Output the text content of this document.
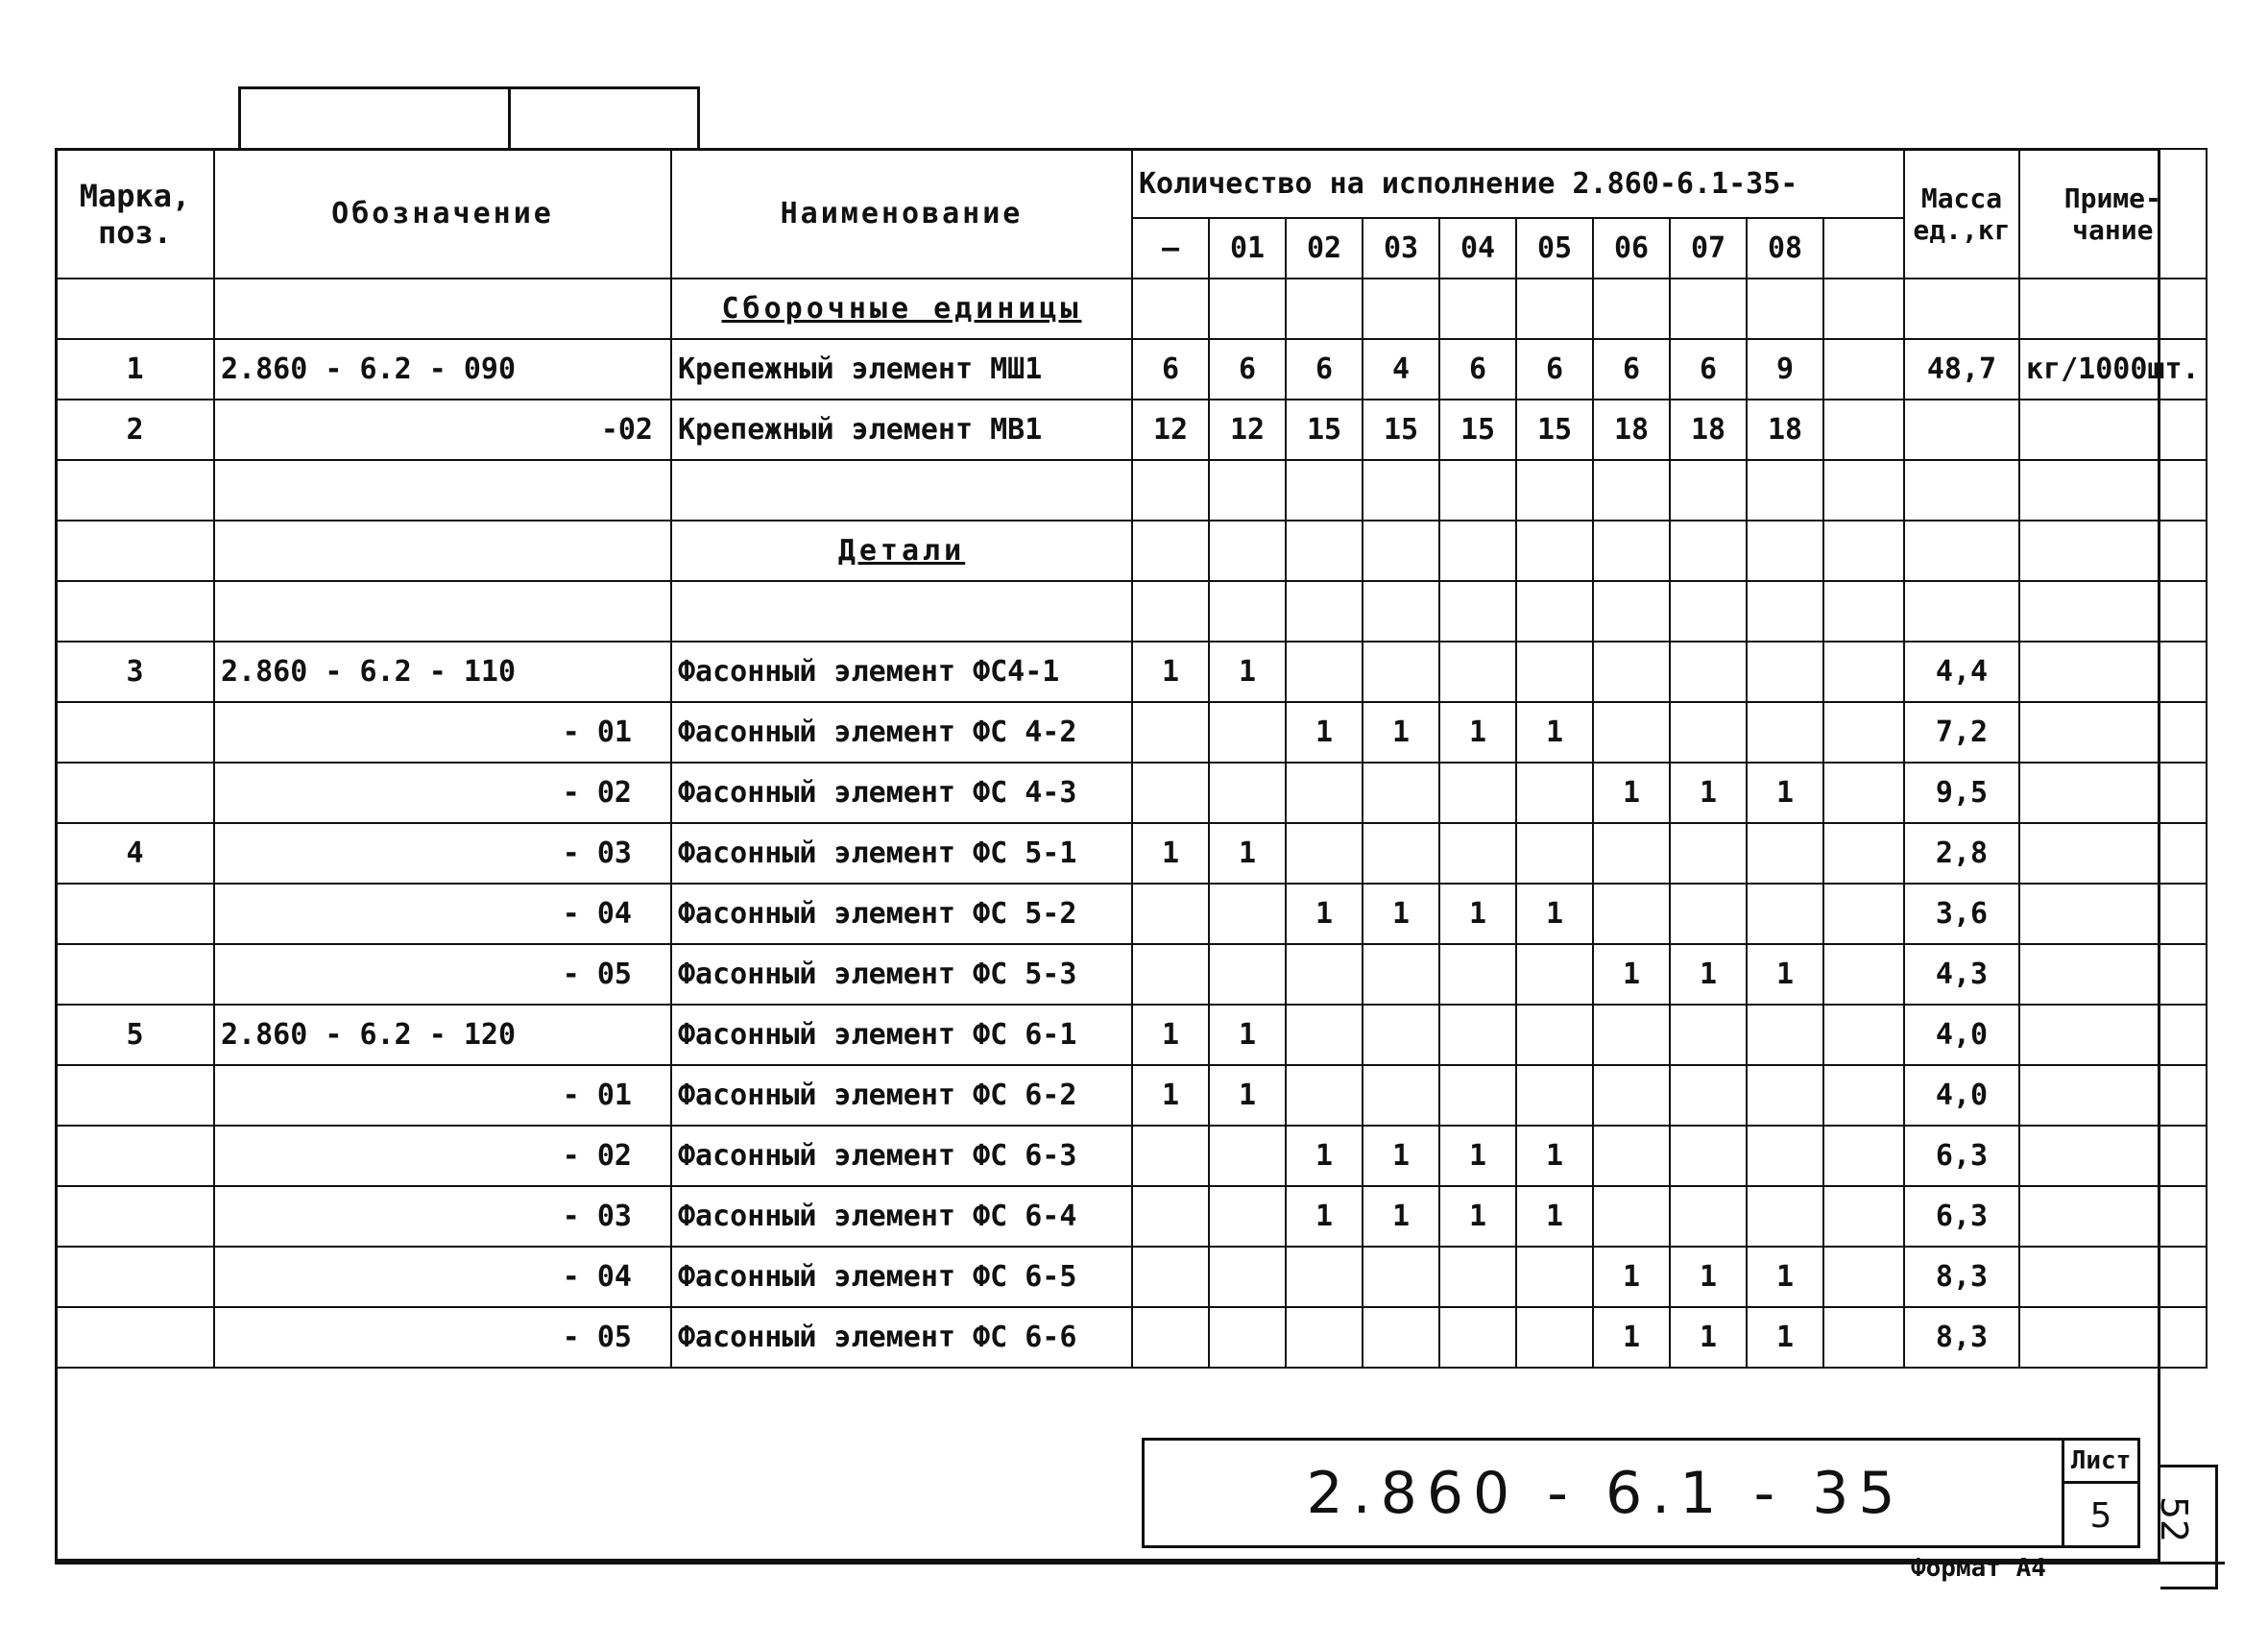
Марка,
поз.	Обозначение	Наименование	Количество на исполнение 2.860-6.1-35-										Масса
ед.,кг	Приме-
чание
			—	01	02	03	04	05	06	07	08			
		Сборочные единицы												
1	2.860 - 6.2 - 090	Крепежный элемент МШ1	6	6	6	4	6	6	6	6	9		48,7	кг/1000шт.
2	-02	Крепежный элемент МВ1	12	12	15	15	15	15	18	18	18			

		Детали												

3	2.860 - 6.2 - 110	Фасонный элемент ФС4-1	1	1									4,4	
	- 01	Фасонный элемент ФС 4-2			1	1	1	1					7,2	
	- 02	Фасонный элемент ФС 4-3							1	1	1		9,5	
4	- 03	Фасонный элемент ФС 5-1	1	1									2,8	
	- 04	Фасонный элемент ФС 5-2			1	1	1	1					3,6	
	- 05	Фасонный элемент ФС 5-3							1	1	1		4,3	
5	2.860 - 6.2 - 120	Фасонный элемент ФС 6-1	1	1									4,0	
	- 01	Фасонный элемент ФС 6-2	1	1									4,0	
	- 02	Фасонный элемент ФС 6-3			1	1	1	1					6,3	
	- 03	Фасонный элемент ФС 6-4			1	1	1	1					6,3	
	- 04	Фасонный элемент ФС 6-5							1	1	1		8,3	
	- 05	Фасонный элемент ФС 6-6							1	1	1		8,3	
2.860 - 6.1 - 35	Лист
5
Формат А4
52
